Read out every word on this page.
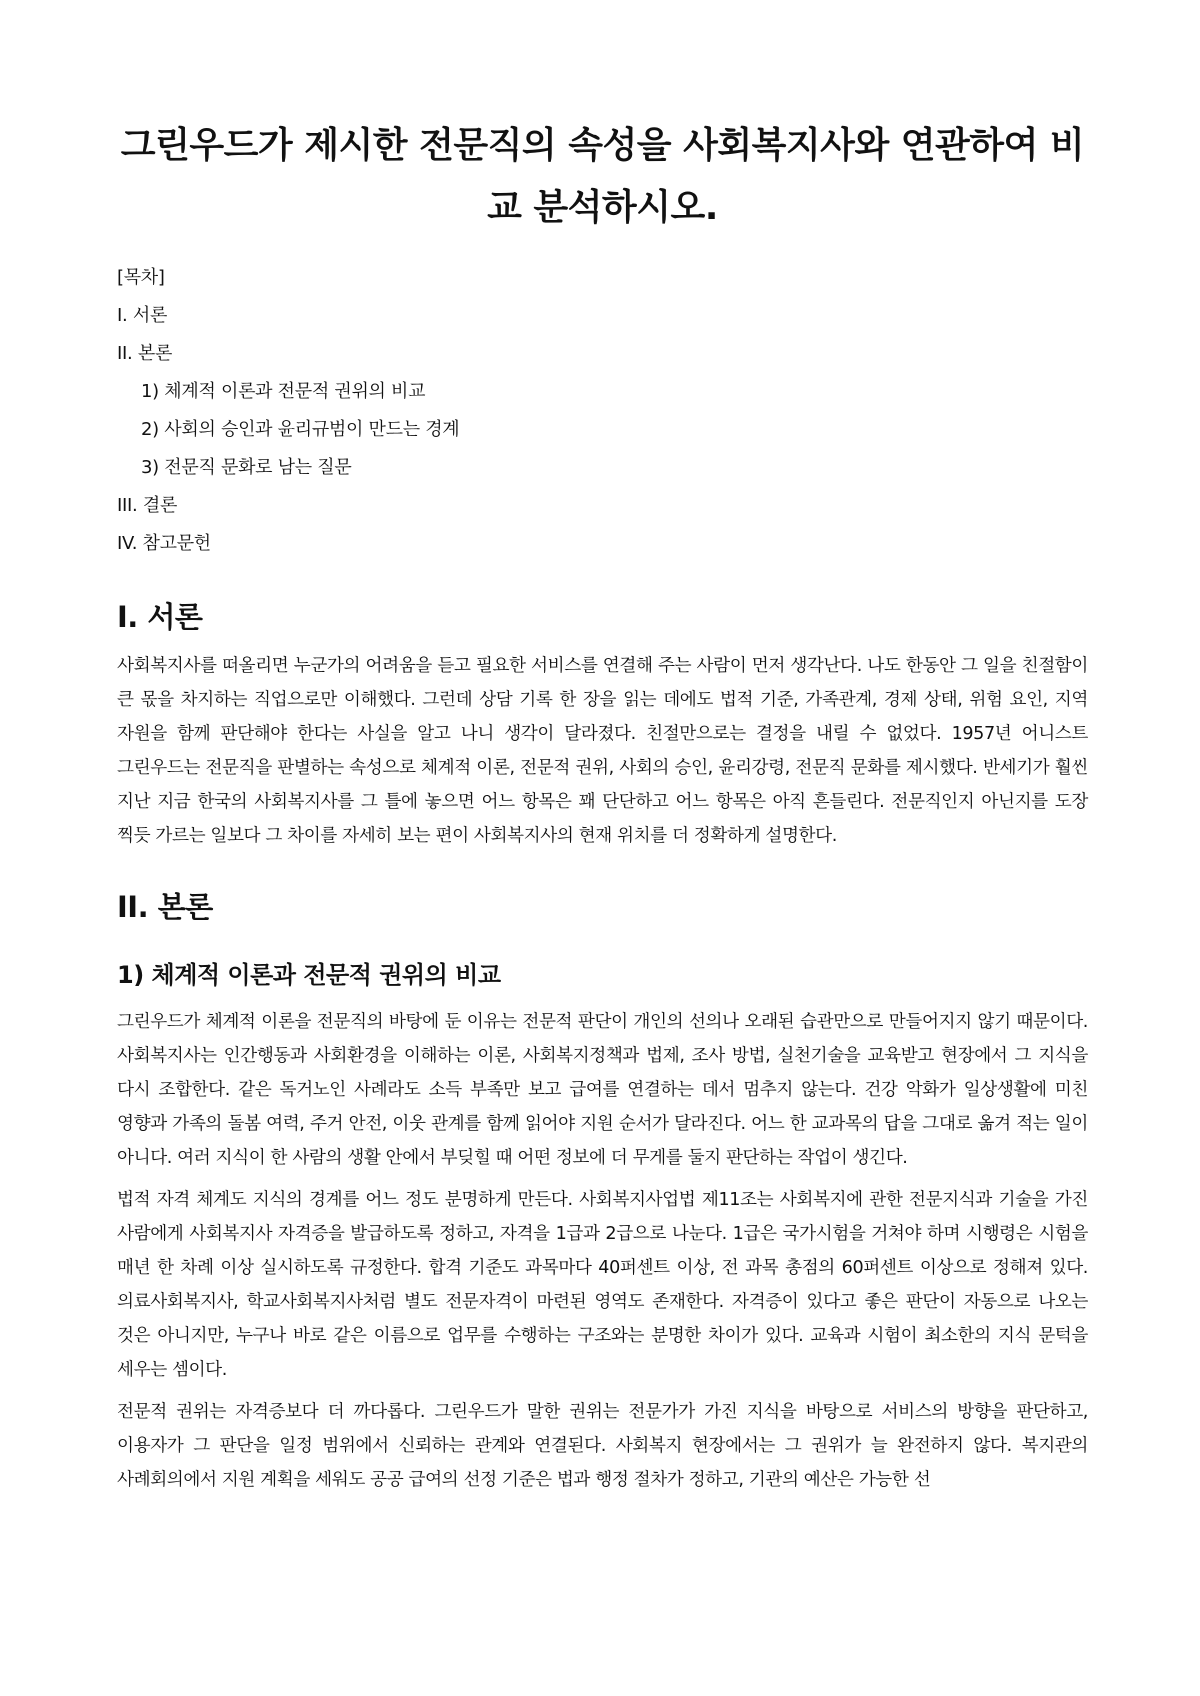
그린우드가 제시한 전문직의 속성을 사회복지사와 연관하여 비교 분석하시오.
[목차]
I. 서론
II. 본론
1) 체계적 이론과 전문적 권위의 비교
2) 사회의 승인과 윤리규범이 만드는 경계
3) 전문직 문화로 남는 질문
III. 결론
IV. 참고문헌
I. 서론

사회복지사를 떠올리면 누군가의 어려움을 듣고 필요한 서비스를 연결해 주는 사람이 먼저 생각난다. 나도 한동안 그 일을 친절함이 큰 몫을 차지하는 직업으로만 이해했다. 그런데 상담 기록 한 장을 읽는 데에도 법적 기준, 가족관계, 경제 상태, 위험 요인, 지역 자원을 함께 판단해야 한다는 사실을 알고 나니 생각이 달라졌다. 친절만으로는 결정을 내릴 수 없었다. 1957년 어니스트 그린우드는 전문직을 판별하는 속성으로 체계적 이론, 전문적 권위, 사회의 승인, 윤리강령, 전문직 문화를 제시했다. 반세기가 훨씬 지난 지금 한국의 사회복지사를 그 틀에 놓으면 어느 항목은 꽤 단단하고 어느 항목은 아직 흔들린다. 전문직인지 아닌지를 도장 찍듯 가르는 일보다 그 차이를 자세히 보는 편이 사회복지사의 현재 위치를 더 정확하게 설명한다.

II. 본론
1) 체계적 이론과 전문적 권위의 비교

그린우드가 체계적 이론을 전문직의 바탕에 둔 이유는 전문적 판단이 개인의 선의나 오래된 습관만으로 만들어지지 않기 때문이다. 사회복지사는 인간행동과 사회환경을 이해하는 이론, 사회복지정책과 법제, 조사 방법, 실천기술을 교육받고 현장에서 그 지식을 다시 조합한다. 같은 독거노인 사례라도 소득 부족만 보고 급여를 연결하는 데서 멈추지 않는다. 건강 악화가 일상생활에 미친 영향과 가족의 돌봄 여력, 주거 안전, 이웃 관계를 함께 읽어야 지원 순서가 달라진다. 어느 한 교과목의 답을 그대로 옮겨 적는 일이 아니다. 여러 지식이 한 사람의 생활 안에서 부딪힐 때 어떤 정보에 더 무게를 둘지 판단하는 작업이 생긴다.

법적 자격 체계도 지식의 경계를 어느 정도 분명하게 만든다. 사회복지사업법 제11조는 사회복지에 관한 전문지식과 기술을 가진 사람에게 사회복지사 자격증을 발급하도록 정하고, 자격을 1급과 2급으로 나눈다. 1급은 국가시험을 거쳐야 하며 시행령은 시험을 매년 한 차례 이상 실시하도록 규정한다. 합격 기준도 과목마다 40퍼센트 이상, 전 과목 총점의 60퍼센트 이상으로 정해져 있다. 의료사회복지사, 학교사회복지사처럼 별도 전문자격이 마련된 영역도 존재한다. 자격증이 있다고 좋은 판단이 자동으로 나오는 것은 아니지만, 누구나 바로 같은 이름으로 업무를 수행하는 구조와는 분명한 차이가 있다. 교육과 시험이 최소한의 지식 문턱을 세우는 셈이다.

전문적 권위는 자격증보다 더 까다롭다. 그린우드가 말한 권위는 전문가가 가진 지식을 바탕으로 서비스의 방향을 판단하고, 이용자가 그 판단을 일정 범위에서 신뢰하는 관계와 연결된다. 사회복지 현장에서는 그 권위가 늘 완전하지 않다. 복지관의 사례회의에서 지원 계획을 세워도 공공 급여의 선정 기준은 법과 행정 절차가 정하고, 기관의 예산은 가능한 선
